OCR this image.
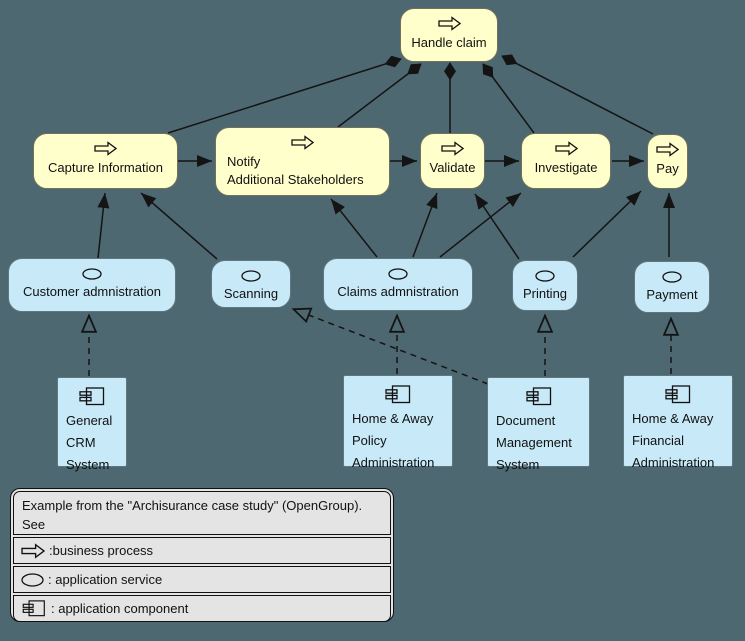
Handle claim
Capture Information	Notify
Additional Stakeholders
Validate	Investigate	Pay
Customer admnistration	Scanning	Claims admnistration	Printing	Payment
General
CRM
System
Home & Away
Policy
Administration
Document
Management
System
Home & Away
Financial
Administration
Example from the "Archisurance case study" (OpenGroup).
See
:business process
: application service
: application component
